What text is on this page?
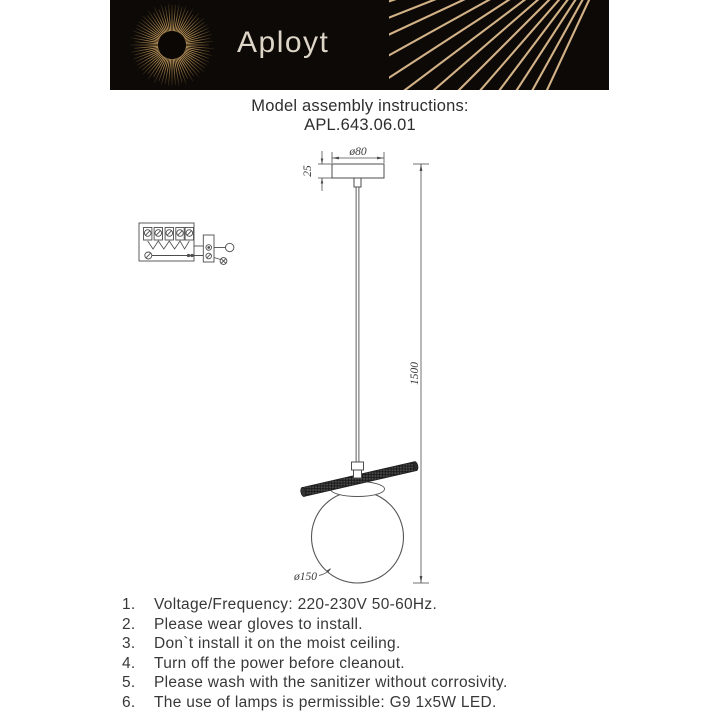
Aployt
Model assembly instructions:
APL.643.06.01
ø80
25
1500
ø150
1.	Voltage/Frequency: 220-230V 50-60Hz.
2.	Please wear gloves to install.
3.	Don`t install it on the moist ceiling.
4.	Turn off the power before cleanout.
5.	Please wash with the sanitizer without corrosivity.
6.	The use of lamps is permissible: G9 1x5W LED.
